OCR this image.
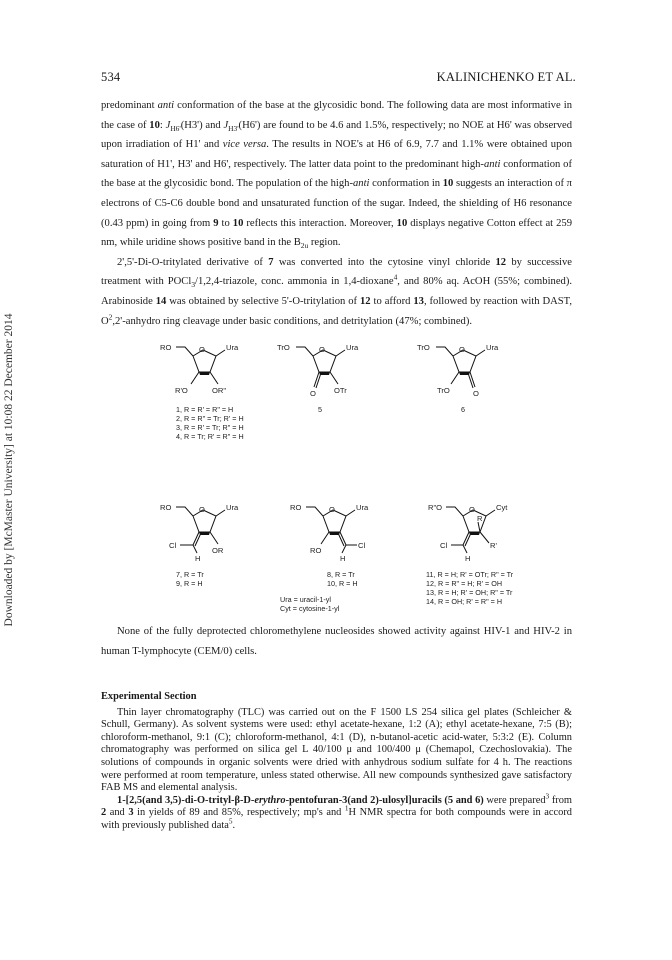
534	KALINICHENKO ET AL.
Downloaded by [McMaster University] at 10:08 22 December 2014

predominant anti conformation of the base at the glycosidic bond. The following data are most informative in the case of 10: $J_{H6'}(H3')$ and $J_{H3'}(H6')$ are found to be 4.6 and 1.5%, respectively; no NOE at H6' was observed upon irradiation of H1' and vice versa. The results in NOE's at H6 of 6.9, 7.7 and 1.1% were obtained upon saturation of H1', H3' and H6', respectively. The latter data point to the predominant high-anti conformation of the base at the glycosidic bond. The population of the high-anti conformation in 10 suggests an interaction of π electrons of C5-C6 double bond and unsaturated function of the sugar. Indeed, the shielding of H6 resonance (0.43 ppm) in going from 9 to 10 reflects this interaction. Moreover, 10 displays negative Cotton effect at 259 nm, while uridine shows positive band in the $B_{2u}$ region.

2',5'-Di-O-tritylated derivative of 7 was converted into the cytosine vinyl chloride 12 by successive treatment with POCl$_3$/1,2,4-triazole, conc. ammonia in 1,4-dioxane$^4$, and 80% aq. AcOH (55%; combined). Arabinoside 14 was obtained by selective 5'-O-tritylation of 12 to afford 13, followed by reaction with DAST, $O^2,2'$-anhydro ring cleavage under basic conditions, and detritylation (47%; combined).

RO	O	Ura
R'O	OR"
1, R = R' = R" = H
2, R = R" = Tr; R' = H
3, R = R' = Tr; R" = H
4, R = Tr; R' = R" = H
TrO	O	Ura
O OTr
5
TrO	O	Ura
TrO	O
6
RO	O	Ura
Cl
OR
H
7, R = Tr
9, R = H
RO	O	Ura
RO
Cl
H
8, R = Tr
10, R = H
R"O	O	Cyt
R
R'
Cl
H
11, R = H; R' = OTr; R" = Tr
12, R = R" = H; R' = OH
13, R = H; R' = OH; R" = Tr
14, R = OH; R' = R" = H
Ura = uracil-1-yl
Cyt = cytosine-1-yl

None of the fully deprotected chloromethylene nucleosides showed activity against HIV-1 and HIV-2 in human T-lymphocyte (CEM/0) cells.

Experimental Section

Thin layer chromatography (TLC) was carried out on the F 1500 LS 254 silica gel plates (Schleicher & Schull, Germany). As solvent systems were used: ethyl acetate-hexane, 1:2 (A); ethyl acetate-hexane, 7:5 (B); chloroform-methanol, 9:1 (C); chloroform-methanol, 4:1 (D), n-butanol-acetic acid-water, 5:3:2 (E). Column chromatography was performed on silica gel L 40/100 μ and 100/400 μ (Chemapol, Czechoslovakia). The solutions of compounds in organic solvents were dried with anhydrous sodium sulfate for 4 h. The reactions were performed at room temperature, unless stated otherwise. All new compounds synthesized gave satisfactory FAB MS and elemental analysis.

1-[2,5(and 3,5)-di-O-trityl-β-D-erythro-pentofuran-3(and 2)-ulosyl]uracils (5 and 6) were prepared$^3$ from 2 and 3 in yields of 89 and 85%, respectively; mp's and $^1$H NMR spectra for both compounds were in accord with previously published data$^5$.
